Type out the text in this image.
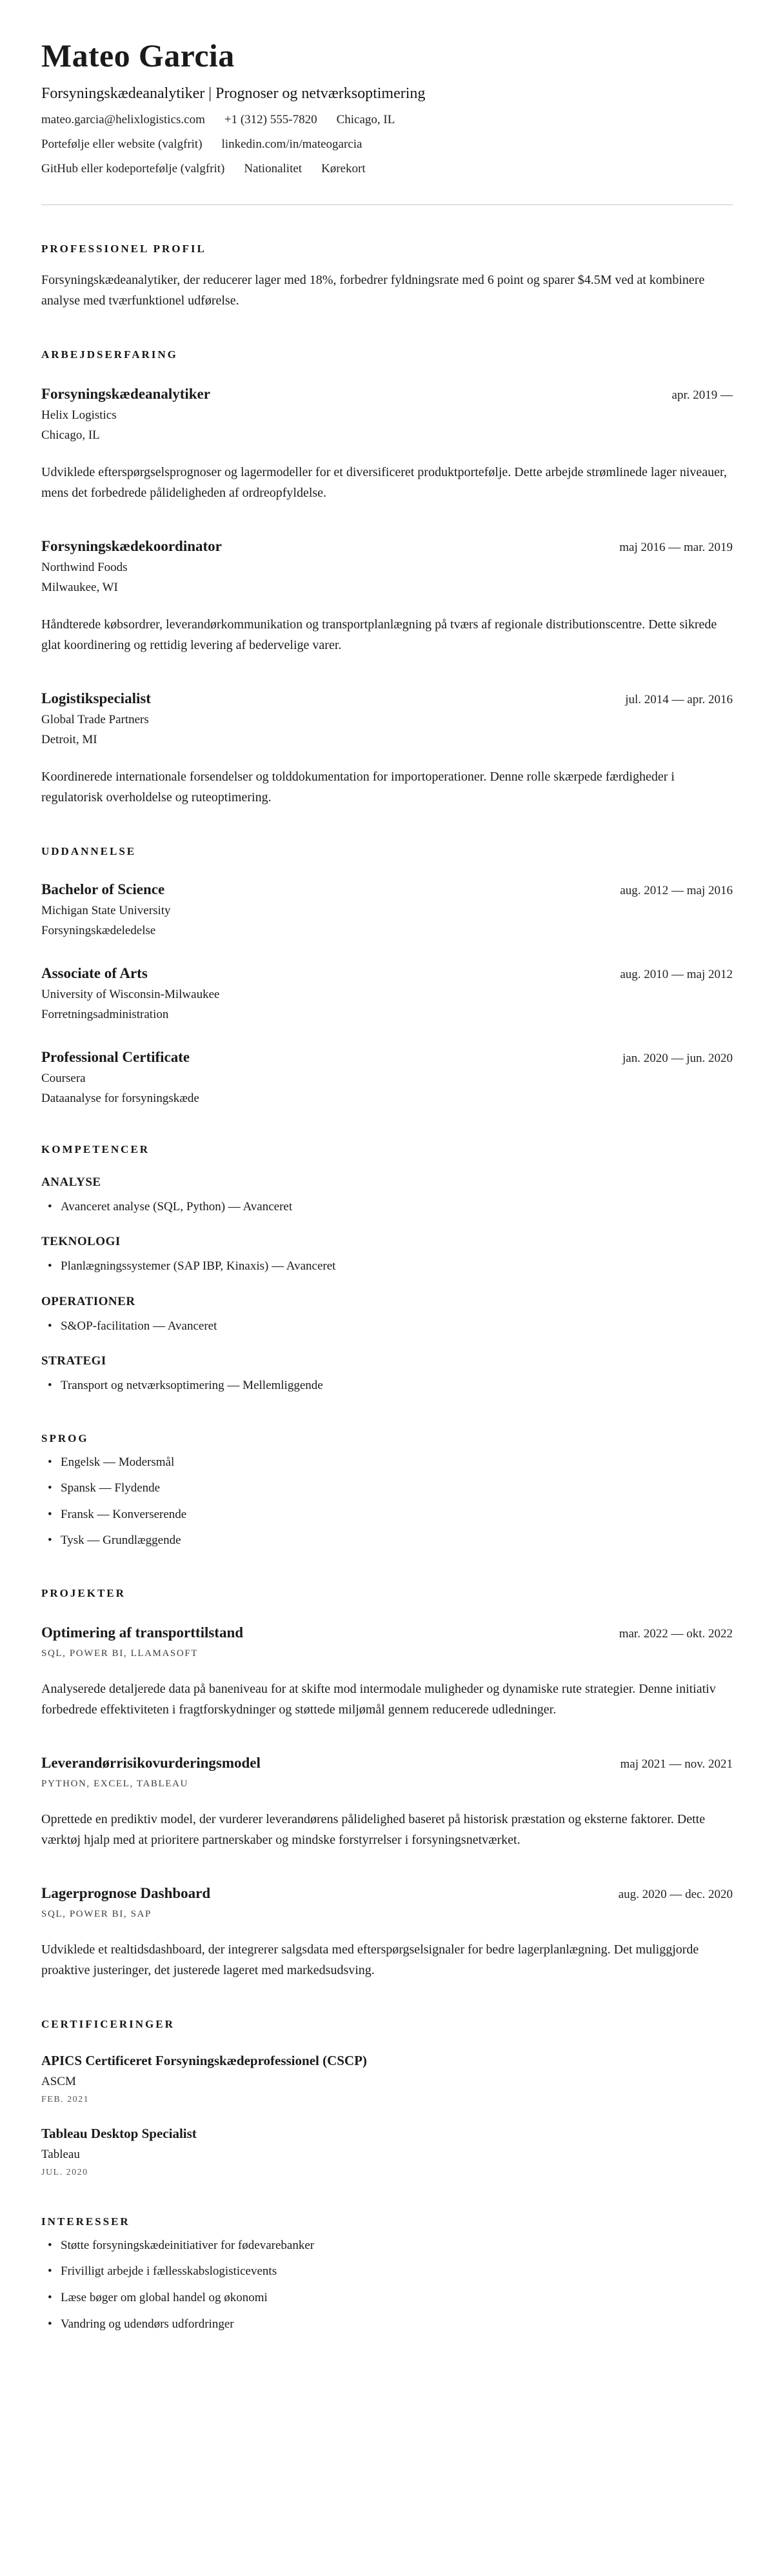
Mateo Garcia
Forsyningskædeanalytiker | Prognoser og netværksoptimering
mateo.garcia@helixlogistics.com +1 (312) 555-7820 Chicago, IL
Portefølje eller website (valgfrit) linkedin.com/in/mateogarcia
GitHub eller kodeportefølje (valgfrit) Nationalitet Kørekort
PROFESSIONEL PROFIL

Forsyningskædeanalytiker, der reducerer lager med 18%, forbedrer fyldningsrate med 6 point og sparer $4.5M ved at kombinere analyse med tværfunktionel udførelse.

ARBEJDSERFARING
Forsyningskædeanalytiker	apr. 2019 —
Helix Logistics
Chicago, IL

Udviklede efterspørgselsprognoser og lagermodeller for et diversificeret produktportefølje. Dette arbejde strømlinede lager niveauer, mens det forbedrede pålideligheden af ordreopfyldelse.

Forsyningskædekoordinator	maj 2016 — mar. 2019
Northwind Foods
Milwaukee, WI

Håndterede købsordrer, leverandørkommunikation og transportplanlægning på tværs af regionale distributionscentre. Dette sikrede glat koordinering og rettidig levering af bedervelige varer.

Logistikspecialist	jul. 2014 — apr. 2016
Global Trade Partners
Detroit, MI

Koordinerede internationale forsendelser og tolddokumentation for importoperationer. Denne rolle skærpede færdigheder i regulatorisk overholdelse og ruteoptimering.

UDDANNELSE
Bachelor of Science	aug. 2012 — maj 2016
Michigan State University
Forsyningskædeledelse
Associate of Arts	aug. 2010 — maj 2012
University of Wisconsin-Milwaukee
Forretningsadministration
Professional Certificate	jan. 2020 — jun. 2020
Coursera
Dataanalyse for forsyningskæde
KOMPETENCER
ANALYSE
• Avanceret analyse (SQL, Python) — Avanceret
TEKNOLOGI
• Planlægningssystemer (SAP IBP, Kinaxis) — Avanceret
OPERATIONER
• S&OP-facilitation — Avanceret
STRATEGI
• Transport og netværksoptimering — Mellemliggende
SPROG
• Engelsk — Modersmål
• Spansk — Flydende
• Fransk — Konverserende
• Tysk — Grundlæggende
PROJEKTER
Optimering af transporttilstand	mar. 2022 — okt. 2022
SQL, POWER BI, LLAMASOFT

Analyserede detaljerede data på baneniveau for at skifte mod intermodale muligheder og dynamiske rute strategier. Denne initiativ forbedrede effektiviteten i fragtforskydninger og støttede miljømål gennem reducerede udledninger.

Leverandørrisikovurderingsmodel	maj 2021 — nov. 2021
PYTHON, EXCEL, TABLEAU

Oprettede en prediktiv model, der vurderer leverandørens pålidelighed baseret på historisk præstation og eksterne faktorer. Dette værktøj hjalp med at prioritere partnerskaber og mindske forstyrrelser i forsyningsnetværket.

Lagerprognose Dashboard	aug. 2020 — dec. 2020
SQL, POWER BI, SAP

Udviklede et realtidsdashboard, der integrerer salgsdata med efterspørgselsignaler for bedre lagerplanlægning. Det muliggjorde proaktive justeringer, det justerede lageret med markedsudsving.

CERTIFICERINGER
APICS Certificeret Forsyningskædeprofessionel (CSCP)
ASCM
FEB. 2021
Tableau Desktop Specialist
Tableau
JUL. 2020
INTERESSER
• Støtte forsyningskædeinitiativer for fødevarebanker
• Frivilligt arbejde i fællesskabslogisticevents
• Læse bøger om global handel og økonomi
• Vandring og udendørs udfordringer
